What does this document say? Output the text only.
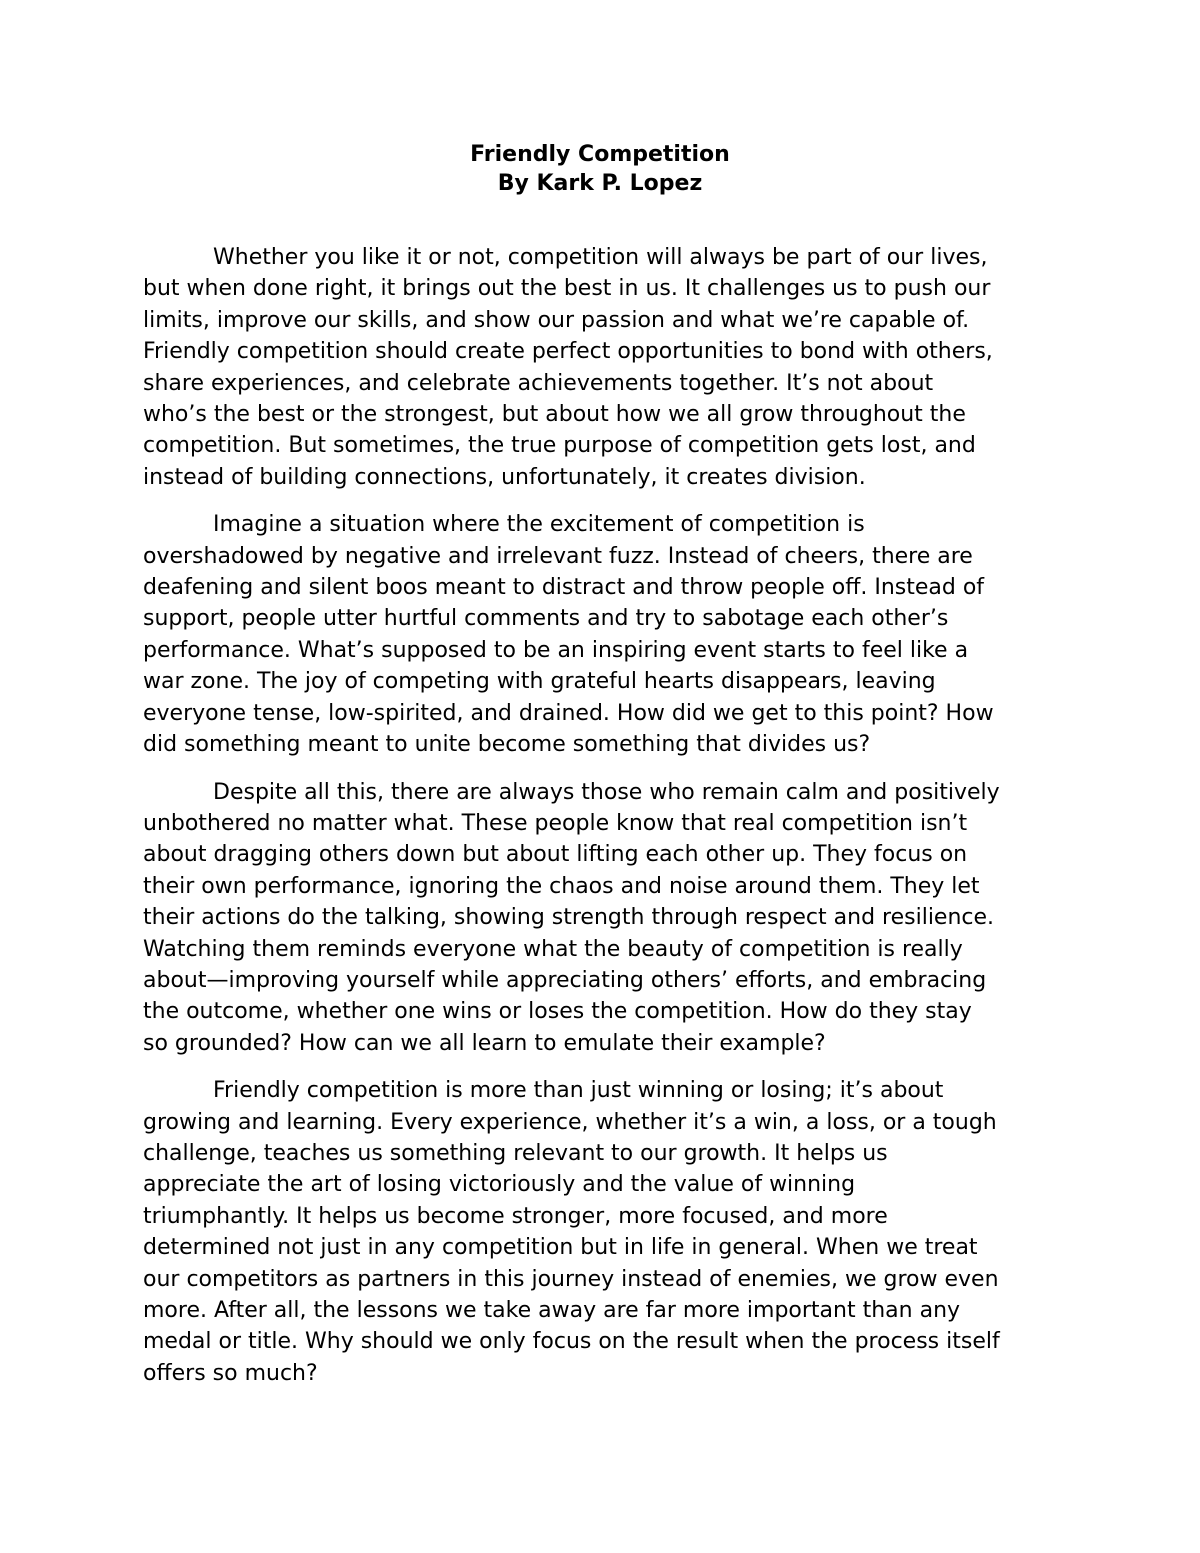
Friendly Competition
By Kark P. Lopez
Whether you like it or not, competition will always be part of our lives,
but when done right, it brings out the best in us. It challenges us to push our
limits, improve our skills, and show our passion and what we’re capable of.
Friendly competition should create perfect opportunities to bond with others,
share experiences, and celebrate achievements together. It’s not about
who’s the best or the strongest, but about how we all grow throughout the
competition. But sometimes, the true purpose of competition gets lost, and
instead of building connections, unfortunately, it creates division.
Imagine a situation where the excitement of competition is
overshadowed by negative and irrelevant fuzz. Instead of cheers, there are
deafening and silent boos meant to distract and throw people off. Instead of
support, people utter hurtful comments and try to sabotage each other’s
performance. What’s supposed to be an inspiring event starts to feel like a
war zone. The joy of competing with grateful hearts disappears, leaving
everyone tense, low-spirited, and drained. How did we get to this point? How
did something meant to unite become something that divides us?
Despite all this, there are always those who remain calm and positively
unbothered no matter what. These people know that real competition isn’t
about dragging others down but about lifting each other up. They focus on
their own performance, ignoring the chaos and noise around them. They let
their actions do the talking, showing strength through respect and resilience.
Watching them reminds everyone what the beauty of competition is really
about—improving yourself while appreciating others’ efforts, and embracing
the outcome, whether one wins or loses the competition. How do they stay
so grounded? How can we all learn to emulate their example?
Friendly competition is more than just winning or losing; it’s about
growing and learning. Every experience, whether it’s a win, a loss, or a tough
challenge, teaches us something relevant to our growth. It helps us
appreciate the art of losing victoriously and the value of winning
triumphantly. It helps us become stronger, more focused, and more
determined not just in any competition but in life in general. When we treat
our competitors as partners in this journey instead of enemies, we grow even
more. After all, the lessons we take away are far more important than any
medal or title. Why should we only focus on the result when the process itself
offers so much?
